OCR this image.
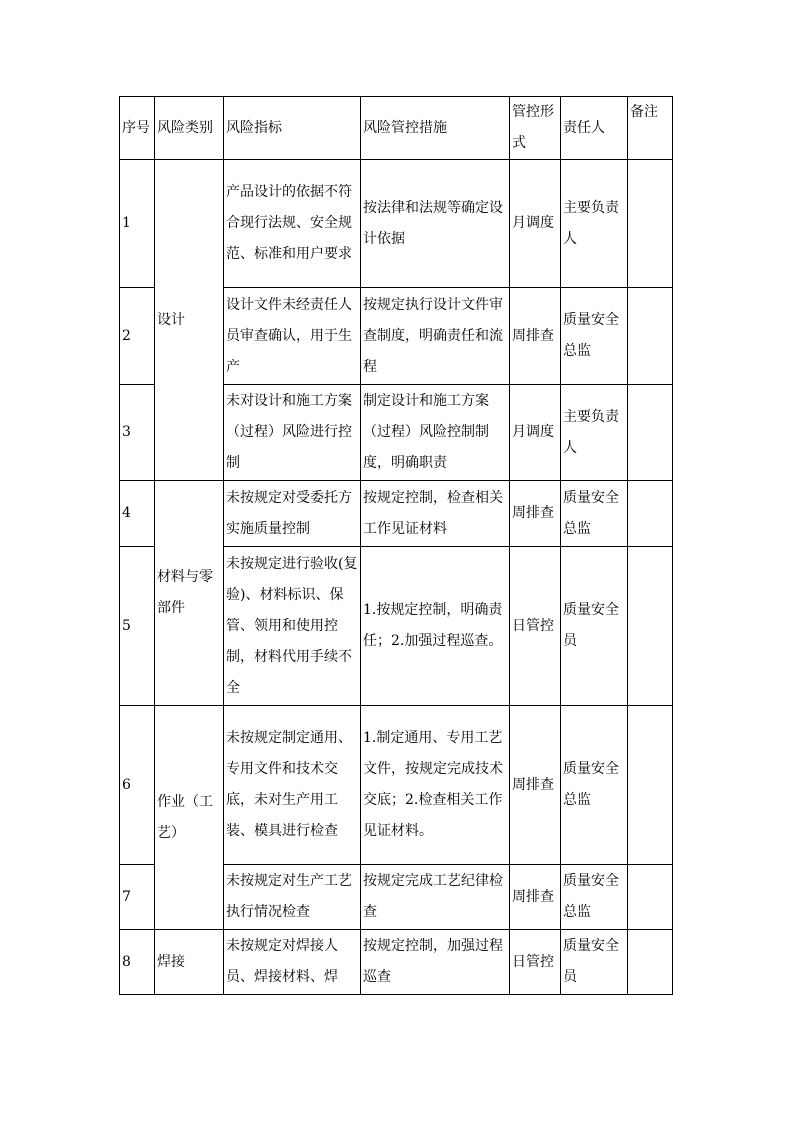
序号	风险类别	风险指标	风险管控措施	管控形式	责任人	备注
1	设计	产品设计的依据不符合现行法规、安全规范、标准和用户要求	按法律和法规等确定设计依据	月调度	主要负责人	
2		设计文件未经责任人员审查确认，用于生产	按规定执行设计文件审查制度，明确责任和流程	周排查	质量安全总监	
3		未对设计和施工方案（过程）风险进行控制	制定设计和施工方案（过程）风险控制制度，明确职责	月调度	主要负责人	
4	材料与零部件	未按规定对受委托方实施质量控制	按规定控制，检查相关工作见证材料	周排查	质量安全总监	
5		未按规定进行验收(复验)、材料标识、保管、领用和使用控制，材料代用手续不全	1.按规定控制，明确责任；2.加强过程巡查。	日管控	质量安全员	
6	作业（工艺）	未按规定制定通用、专用文件和技术交底，未对生产用工装、模具进行检查	1.制定通用、专用工艺文件，按规定完成技术交底；2.检查相关工作见证材料。	周排查	质量安全总监	
7		未按规定对生产工艺执行情况检查	按规定完成工艺纪律检查	周排查	质量安全总监	
8	焊接	未按规定对焊接人员、焊接材料、焊	按规定控制，加强过程巡查	日管控	质量安全员	
